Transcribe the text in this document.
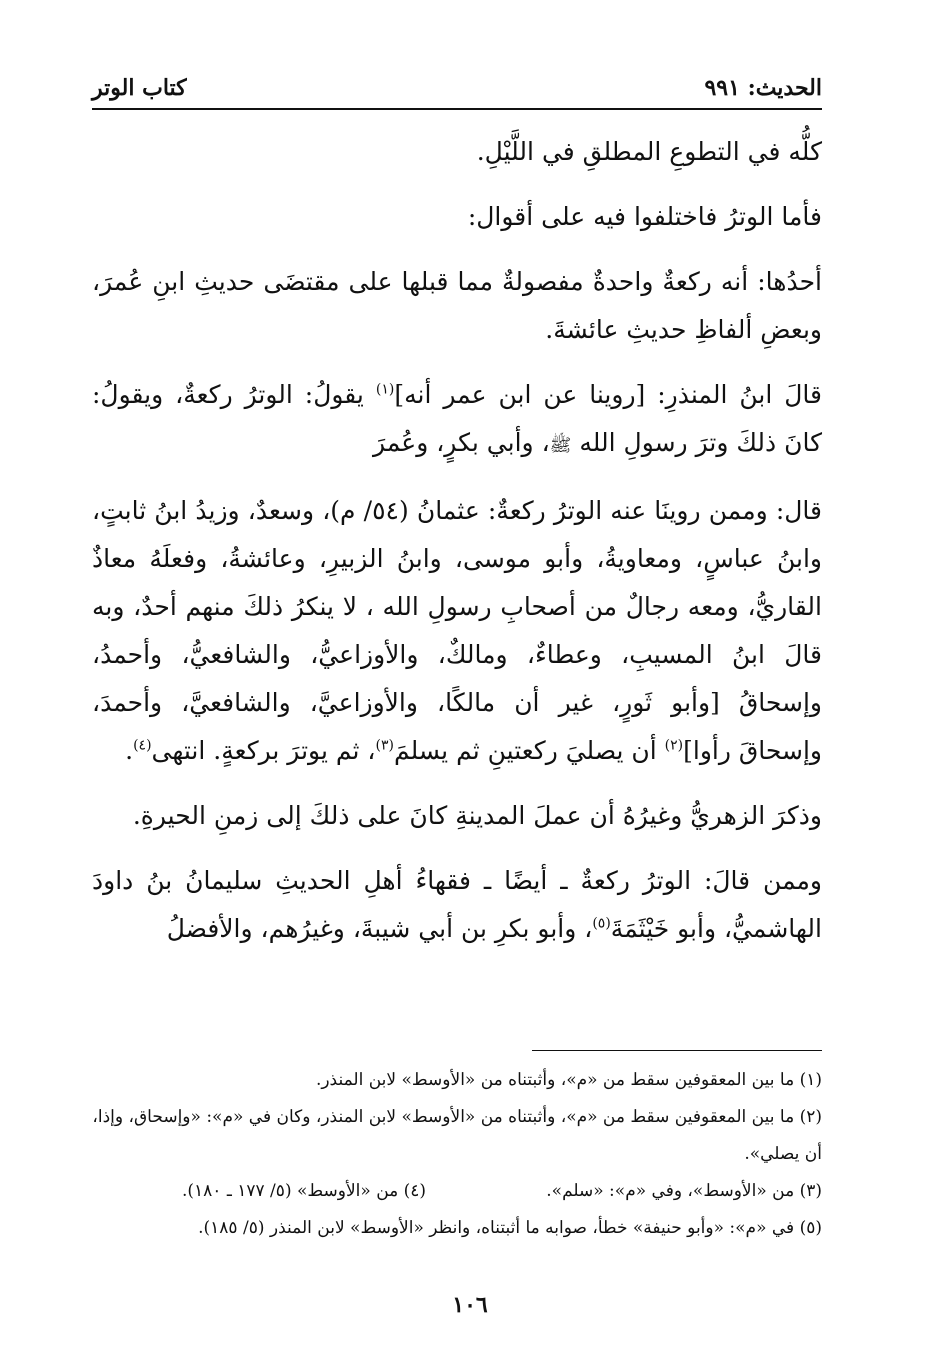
الحديث: ٩٩١
كتاب الوتر

كلُّه في التطوعِ المطلقِ في اللَّيْلِ.

فأما الوترُ فاختلفوا فيه على أقوال:

أحدُها: أنه ركعةٌ واحدةٌ مفصولةٌ مما قبلها على مقتضَى حديثِ ابنِ عُمرَ، وبعضِ ألفاظِ حديثِ عائشةَ.

قالَ ابنُ المنذرِ: [روينا عن ابن عمر أنه]$^{(١)}$ يقولُ: الوترُ ركعةٌ، ويقولُ: كانَ ذلكَ وترَ رسولِ الله ﷺ، وأبي بكرٍ، وعُمرَ

قال: وممن روينَا عنه الوترُ ركعةٌ: عثمانُ (٥٤/ م)، وسعدٌ، وزيدُ ابنُ ثابتٍ، وابنُ عباسٍ، ومعاويةُ، وأبو موسى، وابنُ الزبيرِ، وعائشةُ، وفعلَهُ معاذٌ القاريُّ، ومعه رجالٌ من أصحابِ رسولِ الله ، لا ينكرُ ذلكَ منهم أحدٌ، وبه قالَ ابنُ المسيبِ، وعطاءٌ، ومالكٌ، والأوزاعيُّ، والشافعيُّ، وأحمدُ، وإسحاقُ [وأبو ثَورٍ، غير أن مالكًا، والأوزاعيَّ، والشافعيَّ، وأحمدَ، وإسحاقَ رأوا]$^{(٢)}$ أن يصليَ ركعتينِ ثم يسلمَ$^{(٣)}$، ثم يوترَ بركعةٍ. انتهى$^{(٤)}$.

وذكرَ الزهريُّ وغيرُهُ أن عملَ المدينةِ كانَ على ذلكَ إلى زمنِ الحيرةِ.

وممن قالَ: الوترُ ركعةٌ ـ أيضًا ـ فقهاءُ أهلِ الحديثِ سليمانُ بنُ داودَ الهاشميُّ، وأبو خَيْثَمَةَ$^{(٥)}$، وأبو بكرِ بن أبي شيبةَ، وغيرُهم، والأفضلُ

(١) ما بين المعقوفين سقط من «م»، وأثبتناه من «الأوسط» لابن المنذر.

(٢) ما بين المعقوفين سقط من «م»، وأثبتناه من «الأوسط» لابن المنذر، وكان في «م»: «وإسحاق، وإذا، أن يصلي».

(٣) من «الأوسط»، وفي «م»: «سلم».
(٤) من «الأوسط» (٥/ ١٧٧ ـ ١٨٠).

(٥) في «م»: «وأبو حنيفة» خطأ، صوابه ما أثبتناه، وانظر «الأوسط» لابن المنذر (٥/ ١٨٥).

١٠٦
